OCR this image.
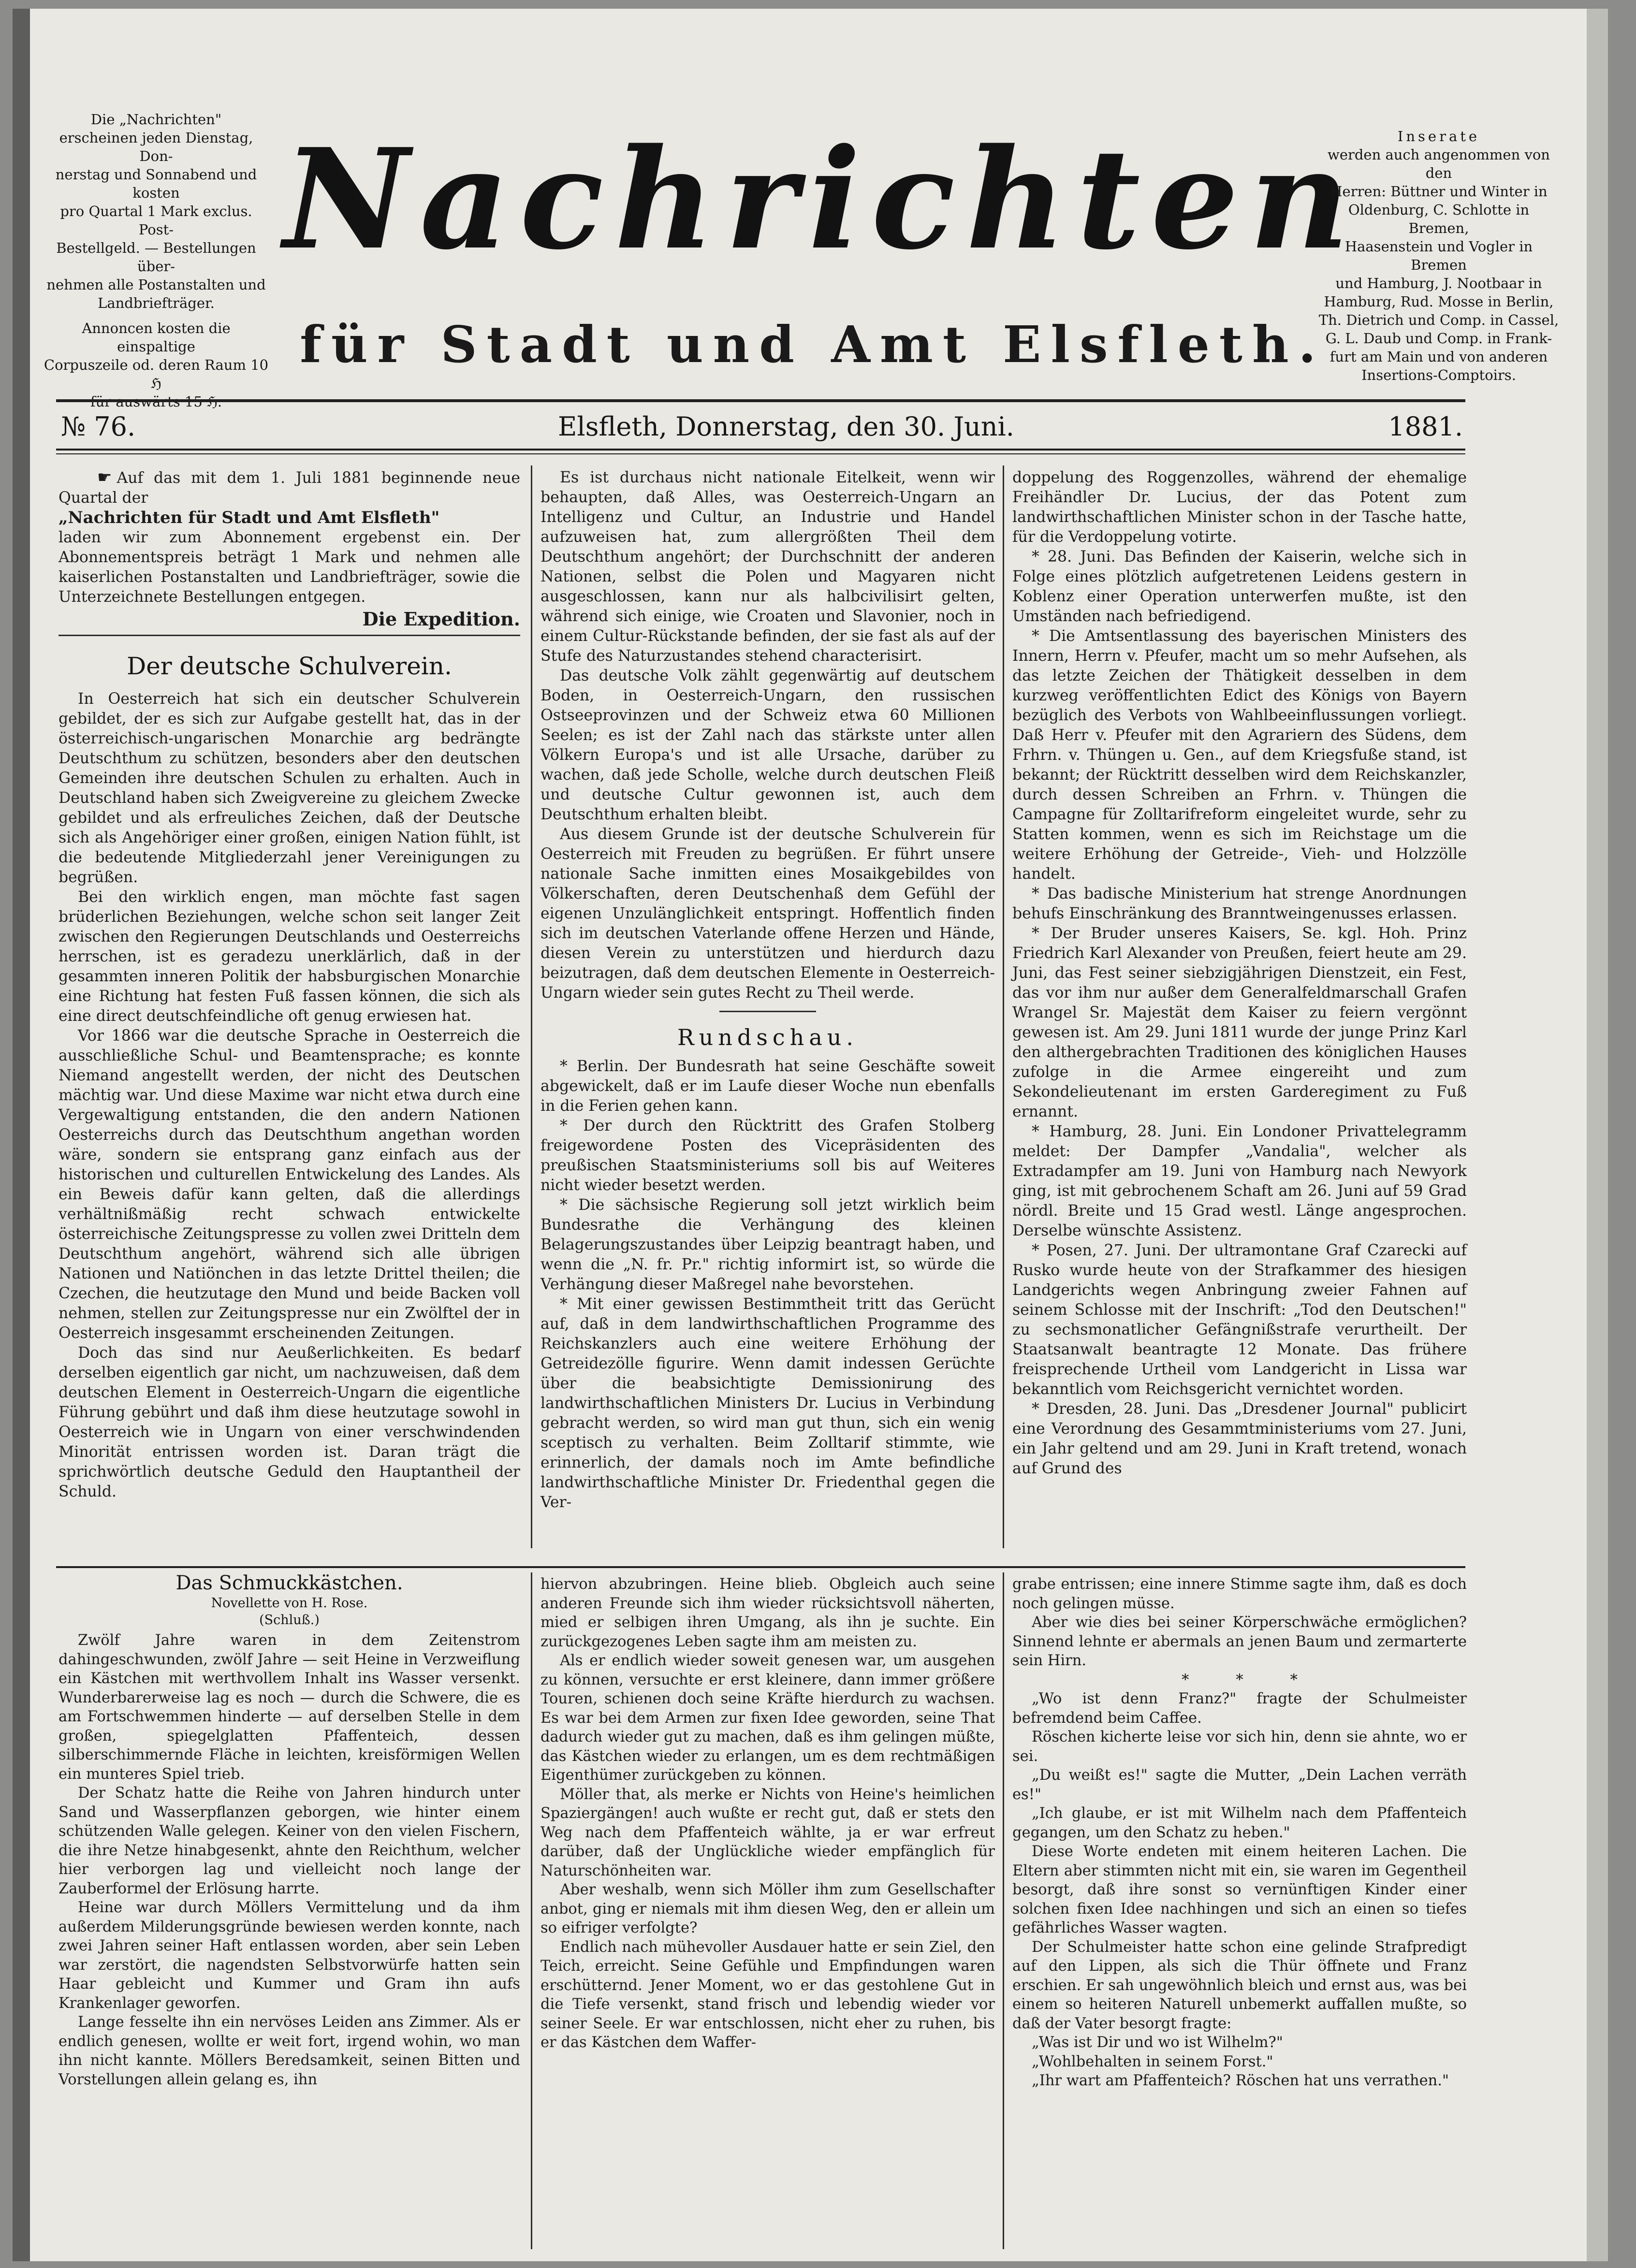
Die „Nachrichten"
erscheinen jeden Dienstag, Don-
nerstag und Sonnabend und kosten
pro Quartal 1 Mark exclus. Post-
Bestellgeld. — Bestellungen über-
nehmen alle Postanstalten und
Landbriefträger.
Annoncen kosten die einspaltige
Corpuszeile od. deren Raum 10 ℌ
Nachrichten
für Stadt und Amt Elsfleth.
Inserate
werden auch angenommen von den
Herren: Büttner und Winter in
Oldenburg, C. Schlotte in Bremen,
Haasenstein und Vogler in Bremen
und Hamburg, J. Nootbaar in
Hamburg, Rud. Mosse in Berlin,
Th. Dietrich und Comp. in Cassel,
G. L. Daub und Comp. in Frank-
furt am Main und von anderen
Insertions-Comptoirs.
№ 76.	Elsfleth, Donnerstag, den 30. Juni.	1881.

☛ Auf das mit dem 1. Juli 1881 beginnende neue Quartal der

„Nachrichten für Stadt und Amt Elsfleth"

laden wir zum Abonnement ergebenst ein. Der Abonnementspreis beträgt 1 Mark und nehmen alle kaiserlichen Postanstalten und Landbriefträger, sowie die Unterzeichnete Bestellungen entgegen.

Die Expedition.

Der deutsche Schulverein.

In Oesterreich hat sich ein deutscher Schulverein gebildet, der es sich zur Aufgabe gestellt hat, das in der österreichisch-ungarischen Monarchie arg bedrängte Deutschthum zu schützen, besonders aber den deutschen Gemeinden ihre deutschen Schulen zu erhalten. Auch in Deutschland haben sich Zweigvereine zu gleichem Zwecke gebildet und als erfreuliches Zeichen, daß der Deutsche sich als Angehöriger einer großen, einigen Nation fühlt, ist die bedeutende Mitgliederzahl jener Vereinigungen zu begrüßen.

Bei den wirklich engen, man möchte fast sagen brüderlichen Beziehungen, welche schon seit langer Zeit zwischen den Regierungen Deutschlands und Oesterreichs herrschen, ist es geradezu unerklärlich, daß in der gesammten inneren Politik der habsburgischen Monarchie eine Richtung hat festen Fuß fassen können, die sich als eine direct deutschfeindliche oft genug erwiesen hat.

Vor 1866 war die deutsche Sprache in Oesterreich die ausschließliche Schul- und Beamtensprache; es konnte Niemand angestellt werden, der nicht des Deutschen mächtig war. Und diese Maxime war nicht etwa durch eine Vergewaltigung entstanden, die den andern Nationen Oesterreichs durch das Deutschthum angethan worden wäre, sondern sie entsprang ganz einfach aus der historischen und culturellen Entwickelung des Landes. Als ein Beweis dafür kann gelten, daß die allerdings verhältnißmäßig recht schwach entwickelte österreichische Zeitungspresse zu vollen zwei Dritteln dem Deutschthum angehört, während sich alle übrigen Nationen und Natiönchen in das letzte Drittel theilen; die Czechen, die heutzutage den Mund und beide Backen voll nehmen, stellen zur Zeitungspresse nur ein Zwölftel der in Oesterreich insgesammt erscheinenden Zeitungen.

Doch das sind nur Aeußerlichkeiten. Es bedarf derselben eigentlich gar nicht, um nachzuweisen, daß dem deutschen Element in Oesterreich-Ungarn die eigentliche Führung gebührt und daß ihm diese heutzutage sowohl in Oesterreich wie in Ungarn von einer verschwindenden Minorität entrissen worden ist. Daran trägt die sprichwörtlich deutsche Geduld den Hauptantheil der Schuld.

Es ist durchaus nicht nationale Eitelkeit, wenn wir behaupten, daß Alles, was Oesterreich-Ungarn an Intelligenz und Cultur, an Industrie und Handel aufzuweisen hat, zum allergrößten Theil dem Deutschthum angehört; der Durchschnitt der anderen Nationen, selbst die Polen und Magyaren nicht ausgeschlossen, kann nur als halbcivilisirt gelten, während sich einige, wie Croaten und Slavonier, noch in einem Cultur-Rückstande befinden, der sie fast als auf der Stufe des Naturzustandes stehend characterisirt.

Das deutsche Volk zählt gegenwärtig auf deutschem Boden, in Oesterreich-Ungarn, den russischen Ostseeprovinzen und der Schweiz etwa 60 Millionen Seelen; es ist der Zahl nach das stärkste unter allen Völkern Europa's und ist alle Ursache, darüber zu wachen, daß jede Scholle, welche durch deutschen Fleiß und deutsche Cultur gewonnen ist, auch dem Deutschthum erhalten bleibt.

Aus diesem Grunde ist der deutsche Schulverein für Oesterreich mit Freuden zu begrüßen. Er führt unsere nationale Sache inmitten eines Mosaikgebildes von Völkerschaften, deren Deutschenhaß dem Gefühl der eigenen Unzulänglichkeit entspringt. Hoffentlich finden sich im deutschen Vaterlande offene Herzen und Hände, diesen Verein zu unterstützen und hierdurch dazu beizutragen, daß dem deutschen Elemente in Oesterreich-Ungarn wieder sein gutes Recht zu Theil werde.

Rundschau.

* Berlin. Der Bundesrath hat seine Geschäfte soweit abgewickelt, daß er im Laufe dieser Woche nun ebenfalls in die Ferien gehen kann.

* Der durch den Rücktritt des Grafen Stolberg freigewordene Posten des Vicepräsidenten des preußischen Staatsministeriums soll bis auf Weiteres nicht wieder besetzt werden.

* Die sächsische Regierung soll jetzt wirklich beim Bundesrathe die Verhängung des kleinen Belagerungszustandes über Leipzig beantragt haben, und wenn die „N. fr. Pr." richtig informirt ist, so würde die Verhängung dieser Maßregel nahe bevorstehen.

* Mit einer gewissen Bestimmtheit tritt das Gerücht auf, daß in dem landwirthschaftlichen Programme des Reichskanzlers auch eine weitere Erhöhung der Getreidezölle figurire. Wenn damit indessen Gerüchte über die beabsichtigte Demissionirung des landwirthschaftlichen Ministers Dr. Lucius in Verbindung gebracht werden, so wird man gut thun, sich ein wenig sceptisch zu verhalten. Beim Zolltarif stimmte, wie erinnerlich, der damals noch im Amte befindliche landwirthschaftliche Minister Dr. Friedenthal gegen die Ver-

doppelung des Roggenzolles, während der ehemalige Freihändler Dr. Lucius, der das Potent zum landwirthschaftlichen Minister schon in der Tasche hatte, für die Verdoppelung votirte.

* 28. Juni. Das Befinden der Kaiserin, welche sich in Folge eines plötzlich aufgetretenen Leidens gestern in Koblenz einer Operation unterwerfen mußte, ist den Umständen nach befriedigend.

* Die Amtsentlassung des bayerischen Ministers des Innern, Herrn v. Pfeufer, macht um so mehr Aufsehen, als das letzte Zeichen der Thätigkeit desselben in dem kurzweg veröffentlichten Edict des Königs von Bayern bezüglich des Verbots von Wahlbeeinflussungen vorliegt. Daß Herr v. Pfeufer mit den Agrariern des Südens, dem Frhrn. v. Thüngen u. Gen., auf dem Kriegsfuße stand, ist bekannt; der Rücktritt desselben wird dem Reichskanzler, durch dessen Schreiben an Frhrn. v. Thüngen die Campagne für Zolltarifreform eingeleitet wurde, sehr zu Statten kommen, wenn es sich im Reichstage um die weitere Erhöhung der Getreide-, Vieh- und Holzzölle handelt.

* Das badische Ministerium hat strenge Anordnungen behufs Einschränkung des Branntweingenusses erlassen.

* Der Bruder unseres Kaisers, Se. kgl. Hoh. Prinz Friedrich Karl Alexander von Preußen, feiert heute am 29. Juni, das Fest seiner siebzigjährigen Dienstzeit, ein Fest, das vor ihm nur außer dem Generalfeldmarschall Grafen Wrangel Sr. Majestät dem Kaiser zu feiern vergönnt gewesen ist. Am 29. Juni 1811 wurde der junge Prinz Karl den althergebrachten Traditionen des königlichen Hauses zufolge in die Armee eingereiht und zum Sekondelieutenant im ersten Garderegiment zu Fuß ernannt.

* Hamburg, 28. Juni. Ein Londoner Privattelegramm meldet: Der Dampfer „Vandalia", welcher als Extradampfer am 19. Juni von Hamburg nach Newyork ging, ist mit gebrochenem Schaft am 26. Juni auf 59 Grad nördl. Breite und 15 Grad westl. Länge angesprochen. Derselbe wünschte Assistenz.

* Posen, 27. Juni. Der ultramontane Graf Czarecki auf Rusko wurde heute von der Strafkammer des hiesigen Landgerichts wegen Anbringung zweier Fahnen auf seinem Schlosse mit der Inschrift: „Tod den Deutschen!" zu sechsmonatlicher Gefängnißstrafe verurtheilt. Der Staatsanwalt beantragte 12 Monate. Das frühere freisprechende Urtheil vom Landgericht in Lissa war bekanntlich vom Reichsgericht vernichtet worden.

* Dresden, 28. Juni. Das „Dresdener Journal" publicirt eine Verordnung des Gesammtministeriums vom 27. Juni, ein Jahr geltend und am 29. Juni in Kraft tretend, wonach auf Grund des

Das Schmuckkästchen.
Novellette von H. Rose.
(Schluß.)

Zwölf Jahre waren in dem Zeitenstrom dahingeschwunden, zwölf Jahre — seit Heine in Verzweiflung ein Kästchen mit werthvollem Inhalt ins Wasser versenkt. Wunderbarerweise lag es noch — durch die Schwere, die es am Fortschwemmen hinderte — auf derselben Stelle in dem großen, spiegelglatten Pfaffenteich, dessen silberschimmernde Fläche in leichten, kreisförmigen Wellen ein munteres Spiel trieb.

Der Schatz hatte die Reihe von Jahren hindurch unter Sand und Wasserpflanzen geborgen, wie hinter einem schützenden Walle gelegen. Keiner von den vielen Fischern, die ihre Netze hinabgesenkt, ahnte den Reichthum, welcher hier verborgen lag und vielleicht noch lange der Zauberformel der Erlösung harrte.

Heine war durch Möllers Vermittelung und da ihm außerdem Milderungsgründe bewiesen werden konnte, nach zwei Jahren seiner Haft entlassen worden, aber sein Leben war zerstört, die nagendsten Selbstvorwürfe hatten sein Haar gebleicht und Kummer und Gram ihn aufs Krankenlager geworfen.

Lange fesselte ihn ein nervöses Leiden ans Zimmer. Als er endlich genesen, wollte er weit fort, irgend wohin, wo man ihn nicht kannte. Möllers Beredsamkeit, seinen Bitten und Vorstellungen allein gelang es, ihn

hiervon abzubringen. Heine blieb. Obgleich auch seine anderen Freunde sich ihm wieder rücksichtsvoll näherten, mied er selbigen ihren Umgang, als ihn je suchte. Ein zurückgezogenes Leben sagte ihm am meisten zu.

Als er endlich wieder soweit genesen war, um ausgehen zu können, versuchte er erst kleinere, dann immer größere Touren, schienen doch seine Kräfte hierdurch zu wachsen. Es war bei dem Armen zur fixen Idee geworden, seine That dadurch wieder gut zu machen, daß es ihm gelingen müßte, das Kästchen wieder zu erlangen, um es dem rechtmäßigen Eigenthümer zurückgeben zu können.

Möller that, als merke er Nichts von Heine's heimlichen Spaziergängen! auch wußte er recht gut, daß er stets den Weg nach dem Pfaffenteich wählte, ja er war erfreut darüber, daß der Unglückliche wieder empfänglich für Naturschönheiten war.

Aber weshalb, wenn sich Möller ihm zum Gesellschafter anbot, ging er niemals mit ihm diesen Weg, den er allein um so eifriger verfolgte?

Endlich nach mühevoller Ausdauer hatte er sein Ziel, den Teich, erreicht. Seine Gefühle und Empfindungen waren erschütternd. Jener Moment, wo er das gestohlene Gut in die Tiefe versenkt, stand frisch und lebendig wieder vor seiner Seele. Er war entschlossen, nicht eher zu ruhen, bis er das Kästchen dem Waffer-

grabe entrissen; eine innere Stimme sagte ihm, daß es doch noch gelingen müsse.

Aber wie dies bei seiner Körperschwäche ermöglichen? Sinnend lehnte er abermals an jenen Baum und zermarterte sein Hirn.

*          *          *

„Wo ist denn Franz?" fragte der Schulmeister befremdend beim Caffee.

Röschen kicherte leise vor sich hin, denn sie ahnte, wo er sei.

„Du weißt es!" sagte die Mutter, „Dein Lachen verräth es!"

„Ich glaube, er ist mit Wilhelm nach dem Pfaffenteich gegangen, um den Schatz zu heben."

Diese Worte endeten mit einem heiteren Lachen. Die Eltern aber stimmten nicht mit ein, sie waren im Gegentheil besorgt, daß ihre sonst so vernünftigen Kinder einer solchen fixen Idee nachhingen und sich an einen so tiefes gefährliches Wasser wagten.

Der Schulmeister hatte schon eine gelinde Strafpredigt auf den Lippen, als sich die Thür öffnete und Franz erschien. Er sah ungewöhnlich bleich und ernst aus, was bei einem so heiteren Naturell unbemerkt auffallen mußte, so daß der Vater besorgt fragte:

„Was ist Dir und wo ist Wilhelm?"

„Wohlbehalten in seinem Forst."

„Ihr wart am Pfaffenteich? Röschen hat uns verrathen."
